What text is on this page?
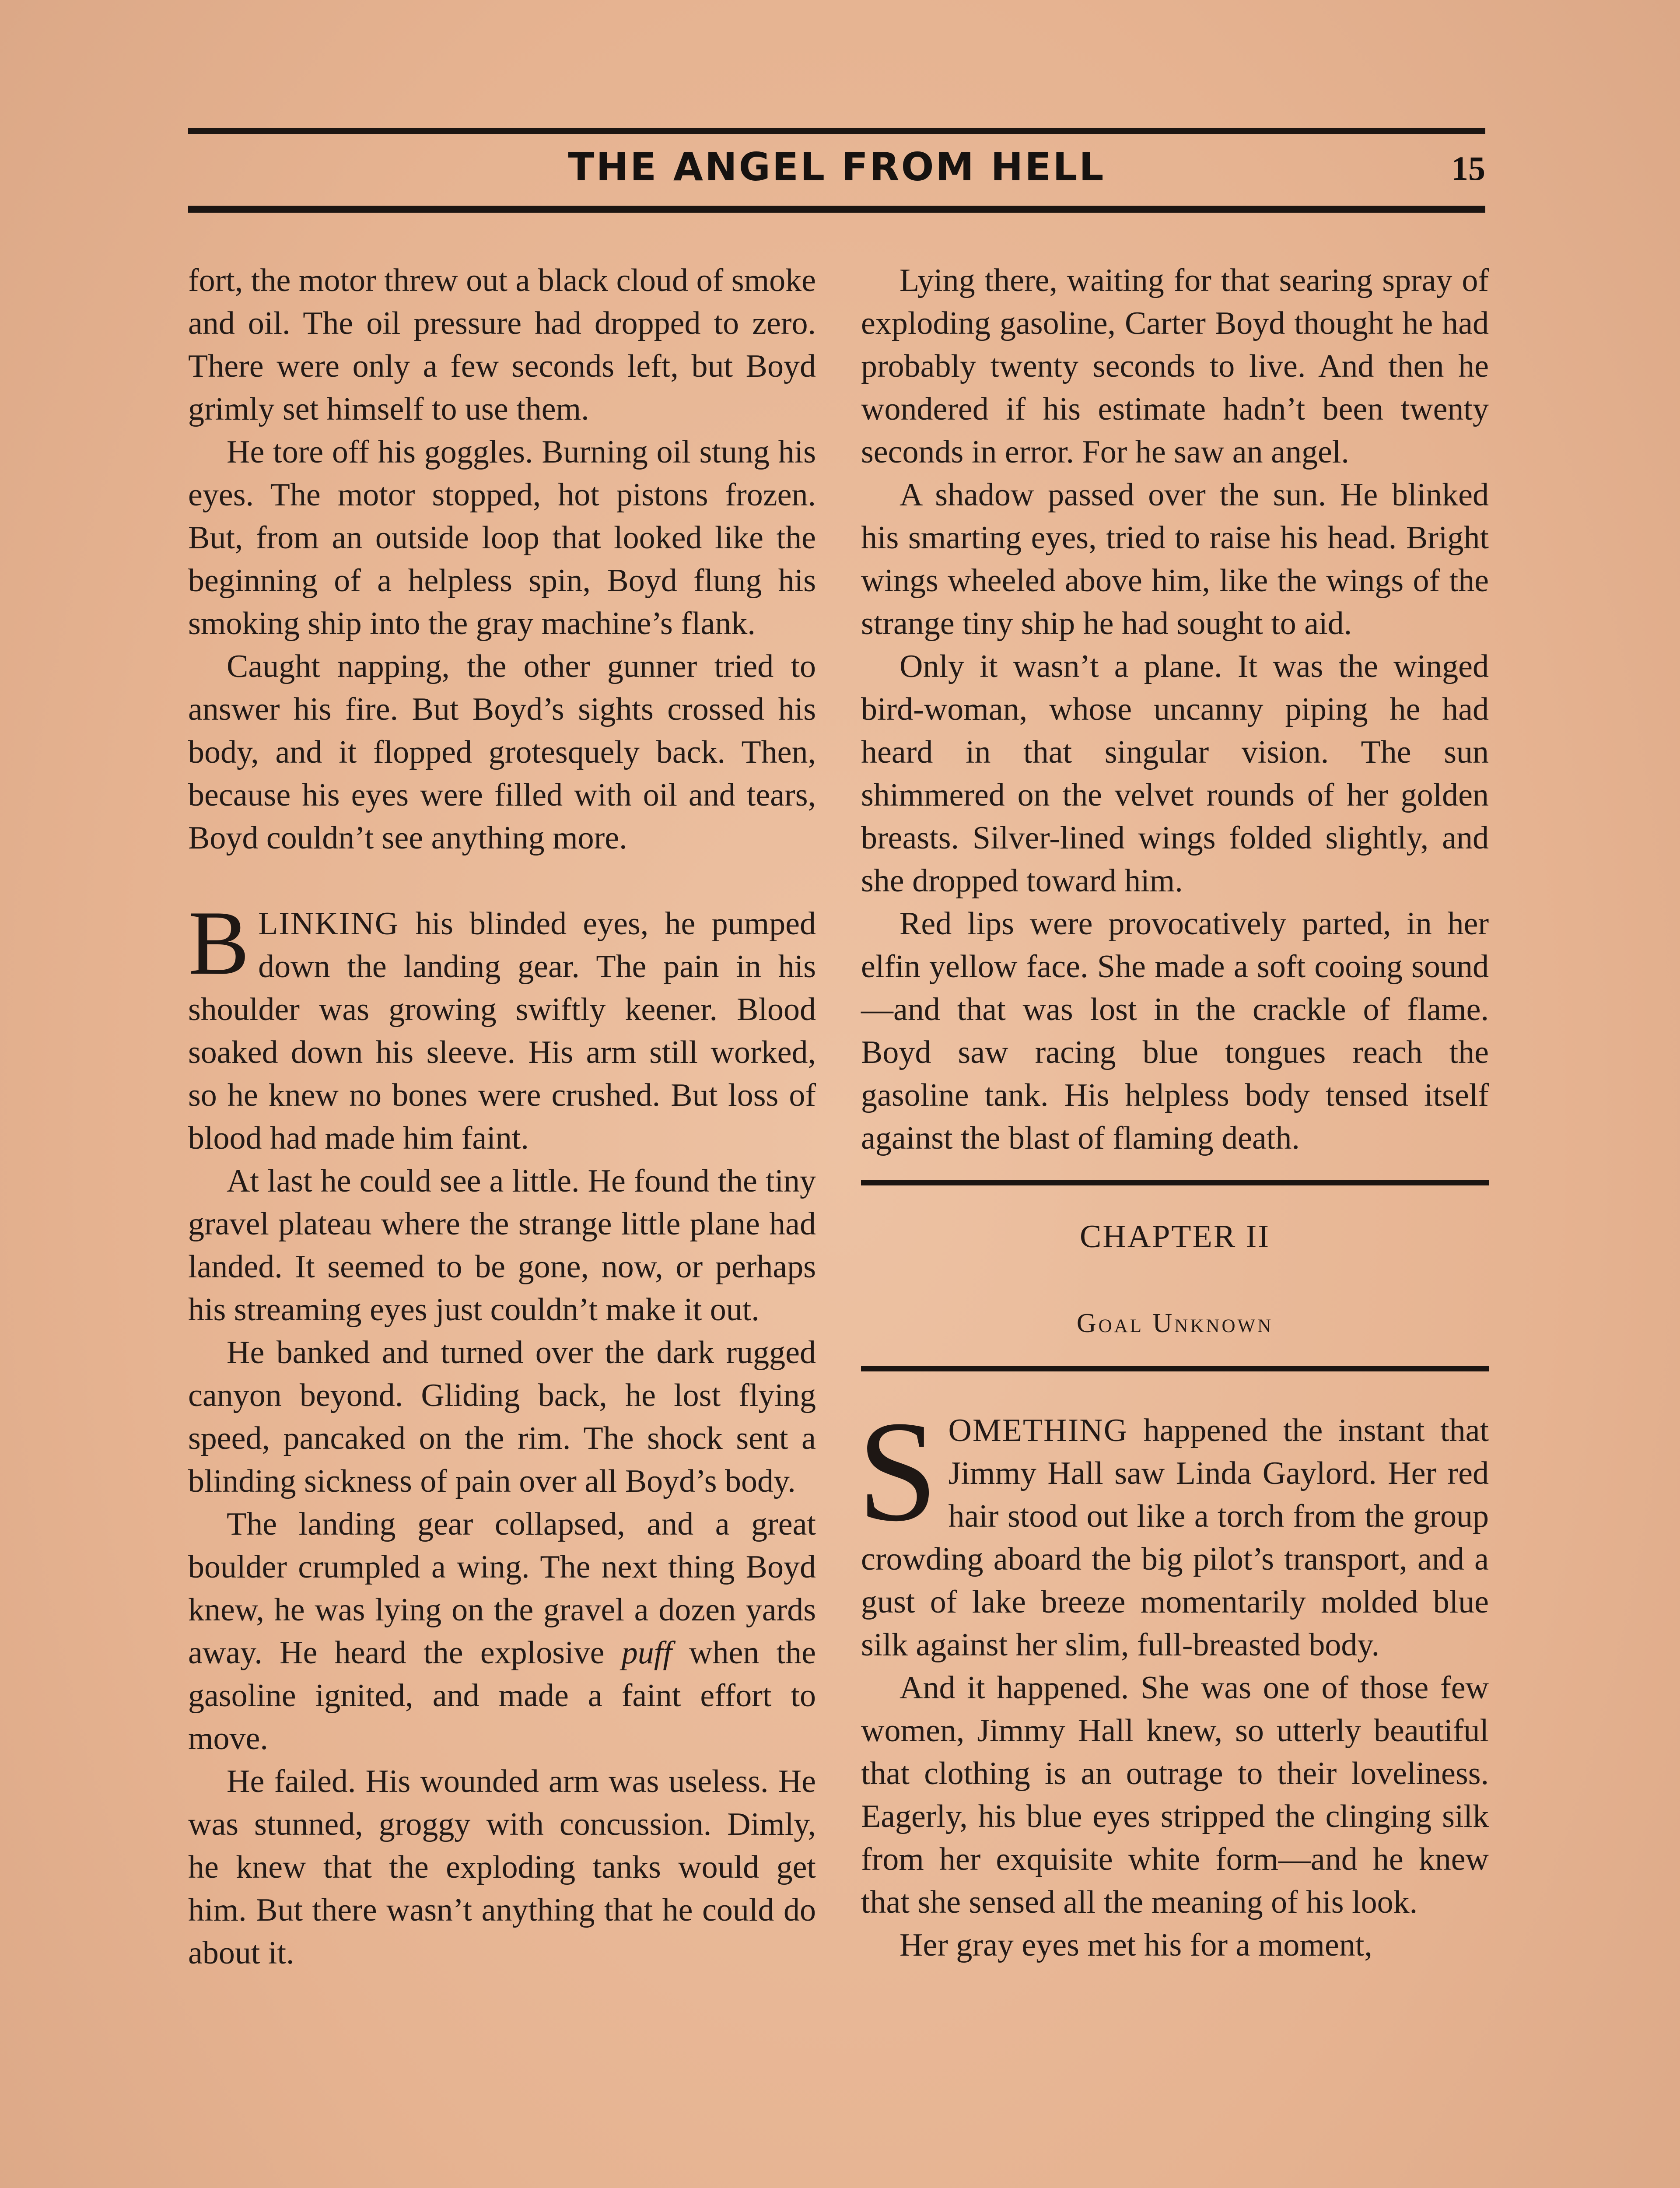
THE ANGEL FROM HELL	15

fort, the motor threw out a black cloud of smoke and oil. The oil pressure had dropped to zero. There were only a few seconds left, but Boyd grimly set himself to use them.

He tore off his goggles. Burning oil stung his eyes. The motor stopped, hot pistons frozen. But, from an outside loop that looked like the beginning of a helpless spin, Boyd flung his smoking ship into the gray machine’s flank.

Caught napping, the other gunner tried to answer his fire. But Boyd’s sights crossed his body, and it flopped grotesquely back. Then, because his eyes were filled with oil and tears, Boyd couldn’t see anything more.

BLINKING his blinded eyes, he pumped down the landing gear. The pain in his shoulder was growing swiftly keener. Blood soaked down his sleeve. His arm still worked, so he knew no bones were crushed. But loss of blood had made him faint.

At last he could see a little. He found the tiny gravel plateau where the strange little plane had landed. It seemed to be gone, now, or perhaps his streaming eyes just couldn’t make it out.

He banked and turned over the dark rugged canyon beyond. Gliding back, he lost flying speed, pancaked on the rim. The shock sent a blinding sickness of pain over all Boyd’s body.

The landing gear collapsed, and a great boulder crumpled a wing. The next thing Boyd knew, he was lying on the gravel a dozen yards away. He heard the explosive puff when the gasoline ignited, and made a faint effort to move.

He failed. His wounded arm was useless. He was stunned, groggy with concussion. Dimly, he knew that the exploding tanks would get him. But there wasn’t anything that he could do about it.

Lying there, waiting for that searing spray of exploding gasoline, Carter Boyd thought he had probably twenty seconds to live. And then he wondered if his estimate hadn’t been twenty seconds in error. For he saw an angel.

A shadow passed over the sun. He blinked his smarting eyes, tried to raise his head. Bright wings wheeled above him, like the wings of the strange tiny ship he had sought to aid.

Only it wasn’t a plane. It was the winged bird-woman, whose uncanny piping he had heard in that singular vision. The sun shimmered on the velvet rounds of her golden breasts. Silver-lined wings folded slightly, and she dropped toward him.

Red lips were provocatively parted, in her elfin yellow face. She made a soft cooing sound—and that was lost in the crackle of flame. Boyd saw racing blue tongues reach the gasoline tank. His helpless body tensed itself against the blast of flaming death.

CHAPTER II
Goal Unknown

SOMETHING happened the instant that Jimmy Hall saw Linda Gaylord. Her red hair stood out like a torch from the group crowding aboard the big pilot’s transport, and a gust of lake breeze momentarily molded blue silk against her slim, full-breasted body.

And it happened. She was one of those few women, Jimmy Hall knew, so utterly beautiful that clothing is an outrage to their loveliness. Eagerly, his blue eyes stripped the clinging silk from her exquisite white form—and he knew that she sensed all the meaning of his look.

Her gray eyes met his for a moment,
